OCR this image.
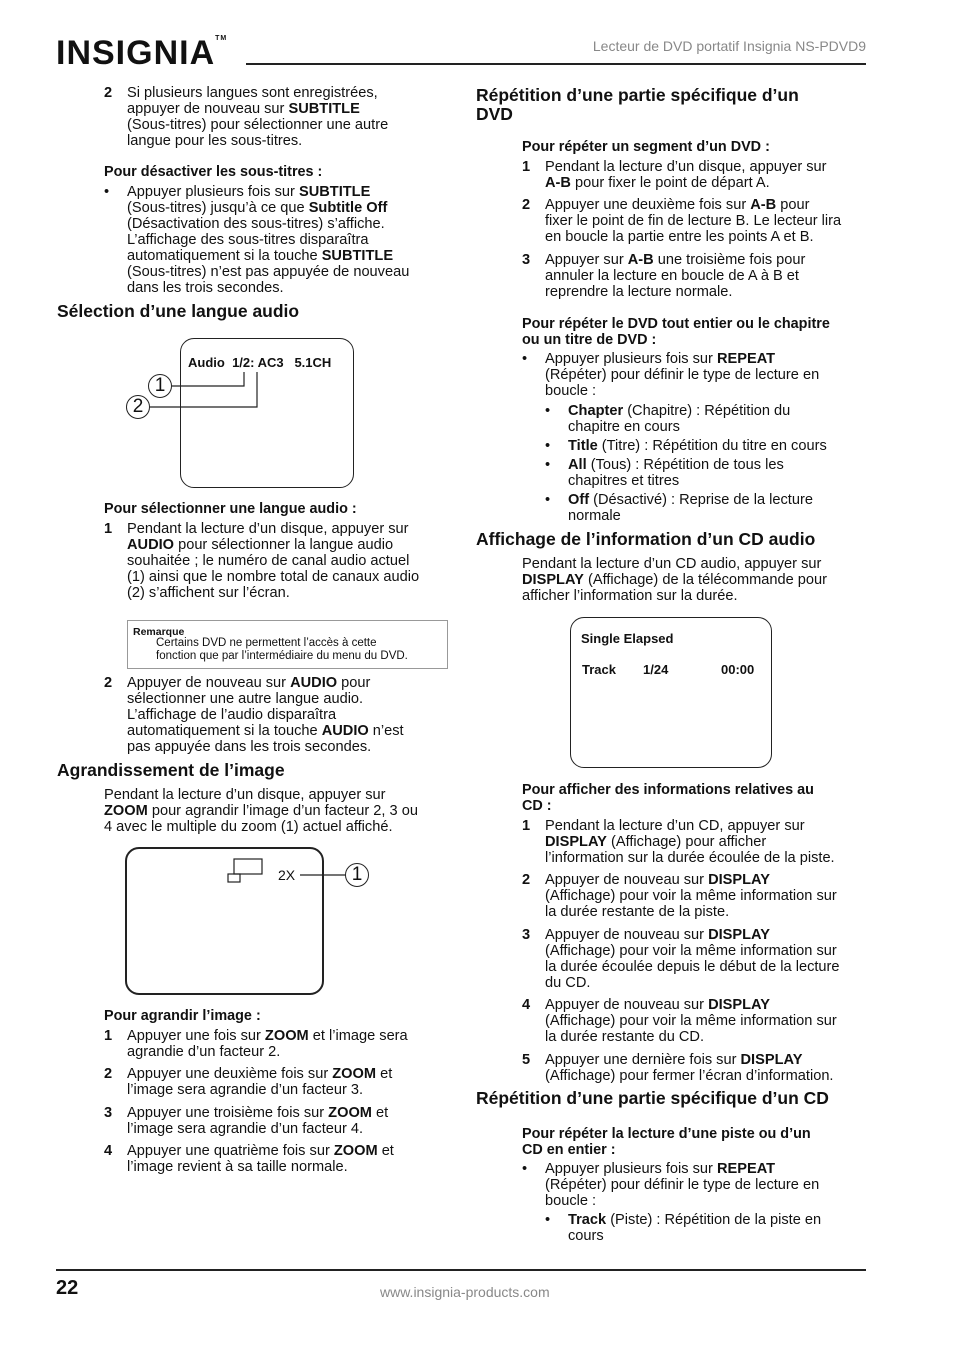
INSIGNIA™	Lecteur de DVD portatif Insignia NS-PDVD9
2 Si plusieurs langues sont enregistrées,
appuyer de nouveau sur SUBTITLE
(Sous-titres) pour sélectionner une autre
langue pour les sous-titres.
Pour désactiver les sous-titres :
• Appuyer plusieurs fois sur SUBTITLE
(Sous-titres) jusqu’à ce que Subtitle Off
(Désactivation des sous-titres) s’affiche.
L’affichage des sous-titres disparaîtra
automatiquement si la touche SUBTITLE
(Sous-titres) n’est pas appuyée de nouveau
dans les trois secondes.
Sélection d’une langue audio
Audio 1/2: AC3 5.1CH
1
2
Pour sélectionner une langue audio :
1 Pendant la lecture d’un disque, appuyer sur
AUDIO pour sélectionner la langue audio
souhaitée ; le numéro de canal audio actuel
(1) ainsi que le nombre total de canaux audio
(2) s’affichent sur l’écran.
Remarque
Certains DVD ne permettent l’accès à cette
fonction que par l’intermédiaire du menu du DVD.
2 Appuyer de nouveau sur AUDIO pour
sélectionner une autre langue audio.
L’affichage de l’audio disparaîtra
automatiquement si la touche AUDIO n’est
pas appuyée dans les trois secondes.
Agrandissement de l’image
Pendant la lecture d’un disque, appuyer sur
ZOOM pour agrandir l’image d’un facteur 2, 3 ou
4 avec le multiple du zoom (1) actuel affiché.
2X	1
Pour agrandir l’image :
1 Appuyer une fois sur ZOOM et l’image sera
agrandie d’un facteur 2.
2 Appuyer une deuxième fois sur ZOOM et
l’image sera agrandie d’un facteur 3.
3 Appuyer une troisième fois sur ZOOM et
l’image sera agrandie d’un facteur 4.
4 Appuyer une quatrième fois sur ZOOM et
l’image revient à sa taille normale.
Répétition d’une partie spécifique d’un
DVD
Pour répéter un segment d’un DVD :
1 Pendant la lecture d’un disque, appuyer sur
A-B pour fixer le point de départ A.
2 Appuyer une deuxième fois sur A-B pour
fixer le point de fin de lecture B. Le lecteur lira
en boucle la partie entre les points A et B.
3 Appuyer sur A-B une troisième fois pour
annuler la lecture en boucle de A à B et
reprendre la lecture normale.
Pour répéter le DVD tout entier ou le chapitre
ou un titre de DVD :
• Appuyer plusieurs fois sur REPEAT
(Répéter) pour définir le type de lecture en
boucle :
• Chapter (Chapitre) : Répétition du
chapitre en cours
• Title (Titre) : Répétition du titre en cours
• All (Tous) : Répétition de tous les
chapitres et titres
• Off (Désactivé) : Reprise de la lecture
normale
Affichage de l’information d’un CD audio
Pendant la lecture d’un CD audio, appuyer sur
DISPLAY (Affichage) de la télécommande pour
afficher l’information sur la durée.
Single Elapsed
Track 1/24	00:00
Pour afficher des informations relatives au
CD :
1 Pendant la lecture d’un CD, appuyer sur
DISPLAY (Affichage) pour afficher
l’information sur la durée écoulée de la piste.
2 Appuyer de nouveau sur DISPLAY
(Affichage) pour voir la même information sur
la durée restante de la piste.
3 Appuyer de nouveau sur DISPLAY
(Affichage) pour voir la même information sur
la durée écoulée depuis le début de la lecture
du CD.
4 Appuyer de nouveau sur DISPLAY
(Affichage) pour voir la même information sur
la durée restante du CD.
5 Appuyer une dernière fois sur DISPLAY
(Affichage) pour fermer l’écran d’information.
Répétition d’une partie spécifique d’un CD
Pour répéter la lecture d’une piste ou d’un
CD en entier :
• Appuyer plusieurs fois sur REPEAT
(Répéter) pour définir le type de lecture en
boucle :
• Track (Piste) : Répétition de la piste en
cours
22	www.insignia-products.com
